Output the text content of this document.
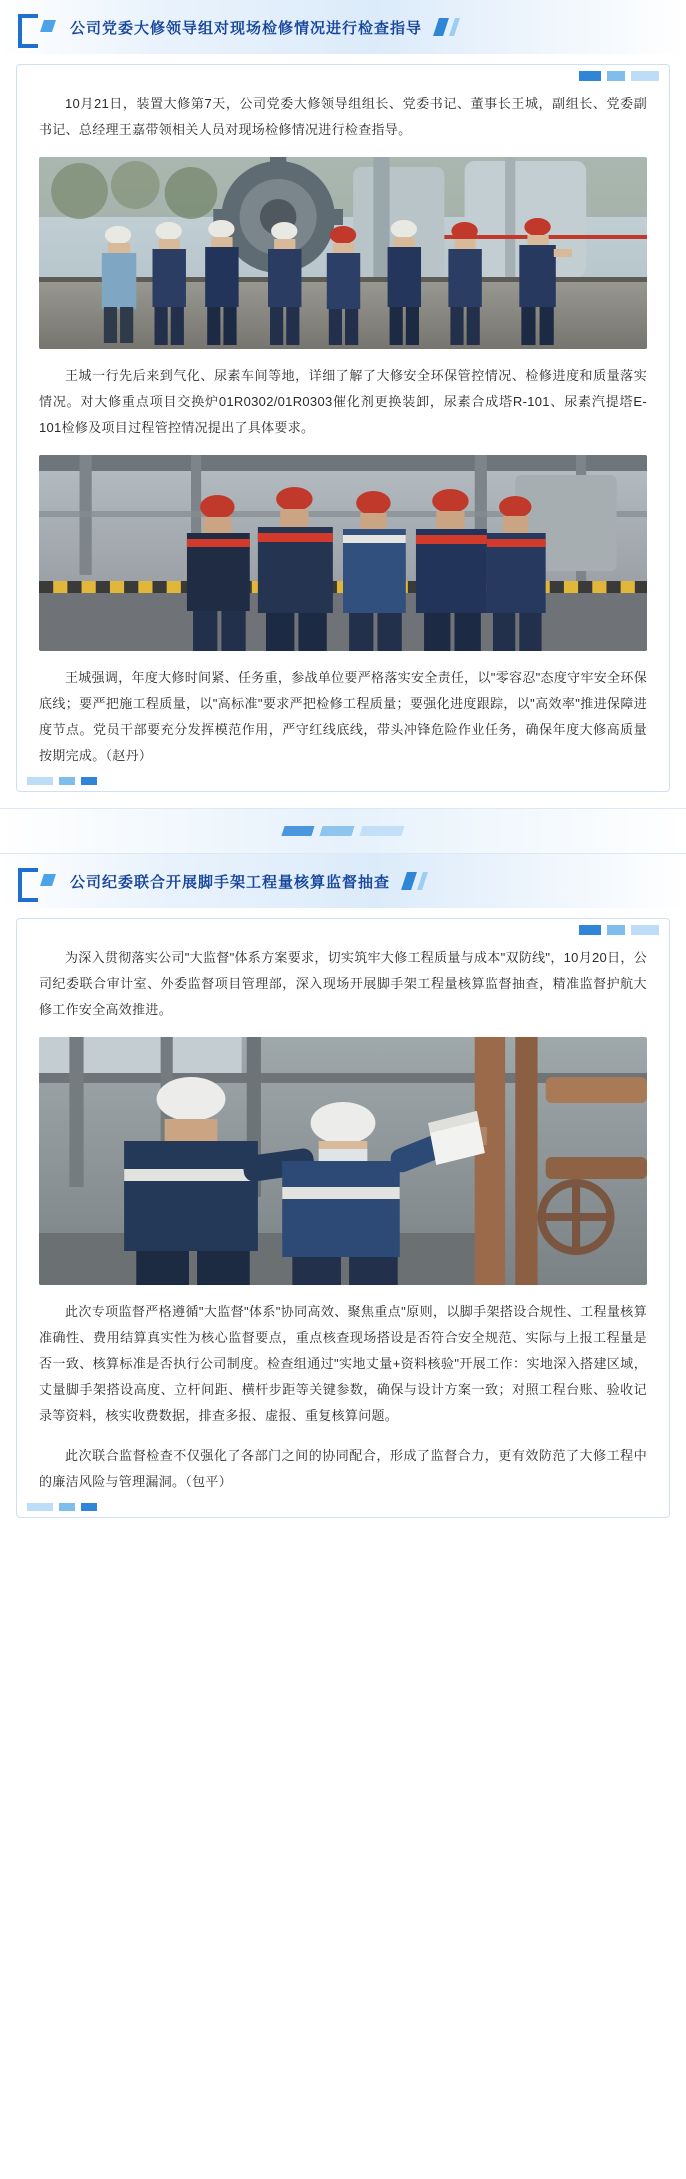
公司党委大修领导组对现场检修情况进行检查指导

10月21日，装置大修第7天，公司党委大修领导组组长、党委书记、董事长王城，副组长、党委副书记、总经理王嘉带领相关人员对现场检修情况进行检查指导。

王城一行先后来到气化、尿素车间等地，详细了解了大修安全环保管控情况、检修进度和质量落实情况。对大修重点项目交换炉01R0302/01R0303催化剂更换装卸，尿素合成塔R-101、尿素汽提塔E-101检修及项目过程管控情况提出了具体要求。

王城强调，年度大修时间紧、任务重，参战单位要严格落实安全责任，以"零容忍"态度守牢安全环保底线；要严把施工程质量，以"高标准"要求严把检修工程质量；要强化进度跟踪，以"高效率"推进保障进度节点。党员干部要充分发挥模范作用，严守红线底线，带头冲锋危险作业任务，确保年度大修高质量按期完成。（赵丹）

公司纪委联合开展脚手架工程量核算监督抽查

为深入贯彻落实公司"大监督"体系方案要求，切实筑牢大修工程质量与成本"双防线"，10月20日，公司纪委联合审计室、外委监督项目管理部，深入现场开展脚手架工程量核算监督抽查，精准监督护航大修工作安全高效推进。

此次专项监督严格遵循"大监督"体系"协同高效、聚焦重点"原则，以脚手架搭设合规性、工程量核算准确性、费用结算真实性为核心监督要点，重点核查现场搭设是否符合安全规范、实际与上报工程量是否一致、核算标准是否执行公司制度。检查组通过"实地丈量+资料核验"开展工作：实地深入搭建区域，丈量脚手架搭设高度、立杆间距、横杆步距等关键参数，确保与设计方案一致；对照工程台账、验收记录等资料，核实收费数据，排查多报、虚报、重复核算问题。

此次联合监督检查不仅强化了各部门之间的协同配合，形成了监督合力，更有效防范了大修工程中的廉洁风险与管理漏洞。（包平）
